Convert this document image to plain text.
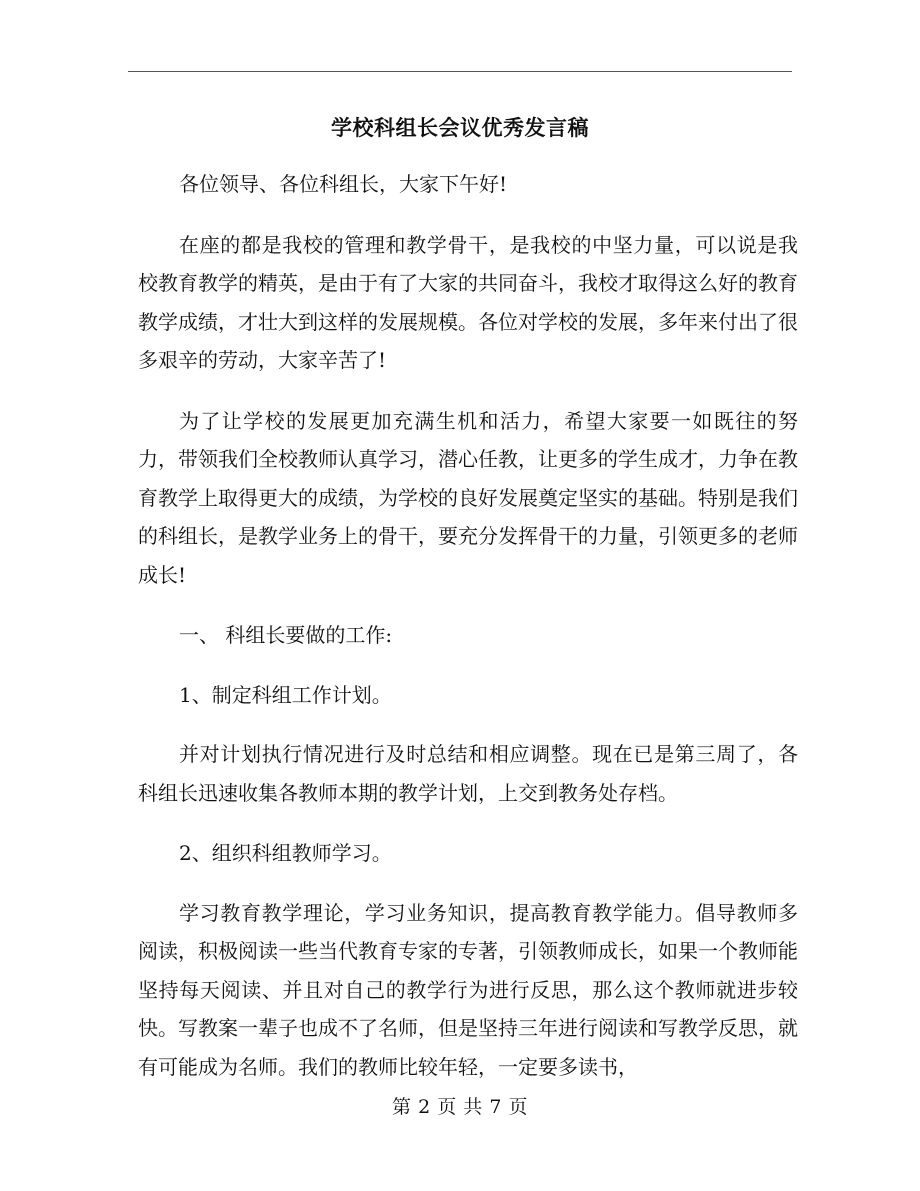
学校科组长会议优秀发言稿

各位领导、各位科组长，大家下午好!

在座的都是我校的管理和教学骨干，是我校的中坚力量，可以说是我校教育教学的精英，是由于有了大家的共同奋斗，我校才取得这么好的教育教学成绩，才壮大到这样的发展规模。各位对学校的发展，多年来付出了很多艰辛的劳动，大家辛苦了!

为了让学校的发展更加充满生机和活力，希望大家要一如既往的努力，带领我们全校教师认真学习，潜心任教，让更多的学生成才，力争在教育教学上取得更大的成绩，为学校的良好发展奠定坚实的基础。特别是我们的科组长，是教学业务上的骨干，要充分发挥骨干的力量，引领更多的老师成长!

一、 科组长要做的工作:

1、制定科组工作计划。

并对计划执行情况进行及时总结和相应调整。现在已是第三周了，各科组长迅速收集各教师本期的教学计划，上交到教务处存档。

2、组织科组教师学习。

学习教育教学理论，学习业务知识，提高教育教学能力。倡导教师多阅读，积极阅读一些当代教育专家的专著，引领教师成长，如果一个教师能坚持每天阅读、并且对自己的教学行为进行反思，那么这个教师就进步较快。写教案一辈子也成不了名师，但是坚持三年进行阅读和写教学反思，就有可能成为名师。我们的教师比较年轻，一定要多读书，

第 2 页 共 7 页
